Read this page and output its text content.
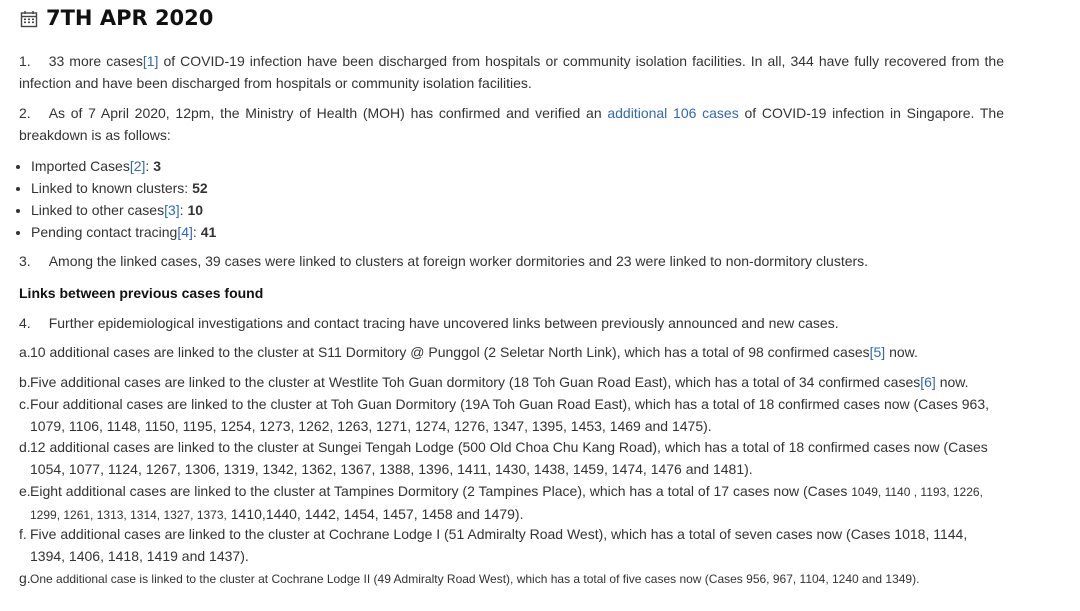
7TH APR 2020

1. 33 more cases[1] of COVID-19 infection have been discharged from hospitals or community isolation facilities. In all, 344 have fully recovered from the infection and have been discharged from hospitals or community isolation facilities.

2. As of 7 April 2020, 12pm, the Ministry of Health (MOH) has confirmed and verified an additional 106 cases of COVID-19 infection in Singapore. The breakdown is as follows:

• Imported Cases[2]: 3
• Linked to known clusters: 52
• Linked to other cases[3]: 10
• Pending contact tracing[4]: 41

3. Among the linked cases, 39 cases were linked to clusters at foreign worker dormitories and 23 were linked to non-dormitory clusters.

Links between previous cases found

4. Further epidemiological investigations and contact tracing have uncovered links between previously announced and new cases.

a. 10 additional cases are linked to the cluster at S11 Dormitory @ Punggol (2 Seletar North Link), which has a total of 98 confirmed cases[5] now.
b. Five additional cases are linked to the cluster at Westlite Toh Guan dormitory (18 Toh Guan Road East), which has a total of 34 confirmed cases[6] now.
c. Four additional cases are linked to the cluster at Toh Guan Dormitory (19A Toh Guan Road East), which has a total of 18 confirmed cases now (Cases 963, 1079, 1106, 1148, 1150, 1195, 1254, 1273, 1262, 1263, 1271, 1274, 1276, 1347, 1395, 1453, 1469 and 1475).
d. 12 additional cases are linked to the cluster at Sungei Tengah Lodge (500 Old Choa Chu Kang Road), which has a total of 18 confirmed cases now (Cases 1054, 1077, 1124, 1267, 1306, 1319, 1342, 1362, 1367, 1388, 1396, 1411, 1430, 1438, 1459, 1474, 1476 and 1481).
e. Eight additional cases are linked to the cluster at Tampines Dormitory (2 Tampines Place), which has a total of 17 cases now (Cases 1049, 1140 , 1193, 1226, 1299, 1261, 1313, 1314, 1327, 1373, 1410,1440, 1442, 1454, 1457, 1458 and 1479).
f. Five additional cases are linked to the cluster at Cochrane Lodge I (51 Admiralty Road West), which has a total of seven cases now (Cases 1018, 1144, 1394, 1406, 1418, 1419 and 1437).
g. One additional case is linked to the cluster at Cochrane Lodge II (49 Admiralty Road West), which has a total of five cases now (Cases 956, 967, 1104, 1240 and 1349).
